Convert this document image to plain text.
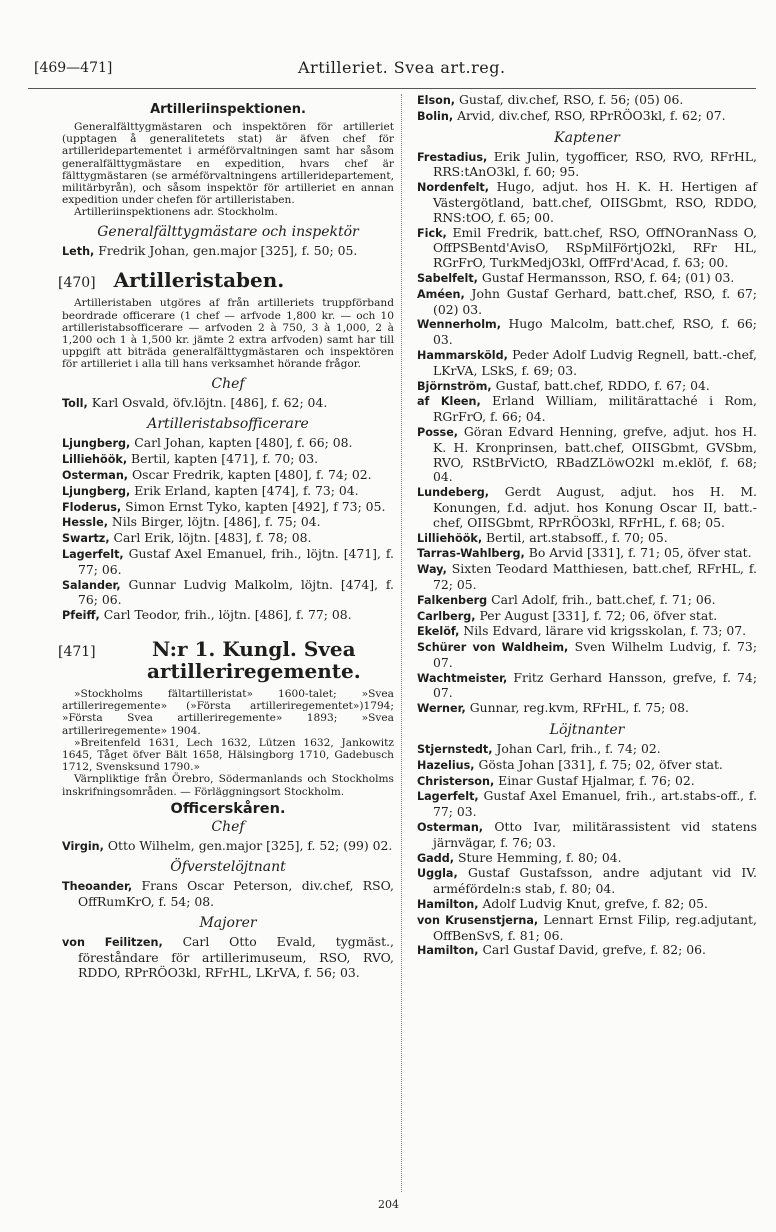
[469—471]	Artilleriet. Svea art.reg.
Artilleriinspektionen.
Generalfälttygmästaren och inspektören för artilleriet (upptagen å generalitetets stat) är äfven chef för artilleridepartementet i arméförvaltningen samt har såsom generalfälttygmästare en expedition, hvars chef är fälttygmästaren (se arméförvaltningens artilleridepartement, militärbyrån), och såsom inspektör för artilleriet en annan expedition under chefen för artilleristaben.
Artilleriinspektionens adr. Stockholm.
Generalfälttygmästare och inspektör
Leth, Fredrik Johan, gen.major [325], f. 50; 05.
[470] Artilleristaben.
Artilleristaben utgöres af från artilleriets truppförband beordrade officerare (1 chef — arfvode 1,800 kr. — och 10 artilleristabsofficerare — arfvoden 2 à 750, 3 à 1,000, 2 à 1,200 och 1 à 1,500 kr. jämte 2 extra arfvoden) samt har till uppgift att biträda generalfälttygmästaren och inspektören för artilleriet i alla till hans verksamhet hörande frågor.
Chef
Toll, Karl Osvald, öfv.löjtn. [486], f. 62; 04.
Artilleristabsofficerare
Ljungberg, Carl Johan, kapten [480], f. 66; 08.
Lilliehöök, Bertil, kapten [471], f. 70; 03.
Osterman, Oscar Fredrik, kapten [480], f. 74; 02.
Ljungberg, Erik Erland, kapten [474], f. 73; 04.
Floderus, Simon Ernst Tyko, kapten [492], f 73; 05.
Hessle, Nils Birger, löjtn. [486], f. 75; 04.
Swartz, Carl Erik, löjtn. [483], f. 78; 08.
Lagerfelt, Gustaf Axel Emanuel, frih., löjtn. [471], f. 77; 06.
Salander, Gunnar Ludvig Malkolm, löjtn. [474], f. 76; 06.
Pfeiff, Carl Teodor, frih., löjtn. [486], f. 77; 08.
[471]	N:r 1. Kungl. Svea artilleriregemente.
»Stockholms fältartilleristat» 1600-talet; »Svea artilleriregemente» (»Första artilleriregementet»)1794; »Första Svea artilleriregemente» 1893; »Svea artilleriregemente» 1904.
»Breitenfeld 1631, Lech 1632, Lützen 1632, Jankowitz 1645, Tåget öfver Bält 1658, Hälsingborg 1710, Gadebusch 1712, Svensksund 1790.»
Värnpliktige från Örebro, Södermanlands och Stockholms inskrifningsområden. — Förläggningsort Stockholm.
Officerskåren.
Chef
Virgin, Otto Wilhelm, gen.major [325], f. 52; (99) 02.
Öfverstelöjtnant
Theoander, Frans Oscar Peterson, div.chef, RSO, OffRumKrO, f. 54; 08.
Majorer
von Feilitzen, Carl Otto Evald, tygmäst., föreståndare för artillerimuseum, RSO, RVO, RDDO, RPrRÖO3kl, RFrHL, LKrVA, f. 56; 03.
Elson, Gustaf, div.chef, RSO, f. 56; (05) 06.
Bolin, Arvid, div.chef, RSO, RPrRÖO3kl, f. 62; 07.
Kaptener
Frestadius, Erik Julin, tygofficer, RSO, RVO, RFrHL, RRS:tAnO3kl, f. 60; 95.
Nordenfelt, Hugo, adjut. hos H. K. H. Hertigen af Västergötland, batt.chef, OIISGbmt, RSO, RDDO, RNS:tOO, f. 65; 00.
Fick, Emil Fredrik, batt.chef, RSO, OffNOranNass O, OffPSBentd'AvisO, RSpMilFörtjO2kl, RFr HL, RGrFrO, TurkMedjO3kl, OffFrd'Acad, f. 63; 00.
Sabelfelt, Gustaf Hermansson, RSO, f. 64; (01) 03.
Améen, John Gustaf Gerhard, batt.chef, RSO, f. 67; (02) 03.
Wennerholm, Hugo Malcolm, batt.chef, RSO, f. 66; 03.
Hammarsköld, Peder Adolf Ludvig Regnell, batt.-chef, LKrVA, LSkS, f. 69; 03.
Björnström, Gustaf, batt.chef, RDDO, f. 67; 04.
af Kleen, Erland William, militärattaché i Rom, RGrFrO, f. 66; 04.
Posse, Göran Edvard Henning, grefve, adjut. hos H. K. H. Kronprinsen, batt.chef, OIISGbmt, GVSbm, RVO, RStBrVictO, RBadZLöwO2kl m.eklöf, f. 68; 04.
Lundeberg, Gerdt August, adjut. hos H. M. Konungen, f.d. adjut. hos Konung Oscar II, batt.-chef, OIISGbmt, RPrRÖO3kl, RFrHL, f. 68; 05.
Lilliehöök, Bertil, art.stabsoff., f. 70; 05.
Tarras-Wahlberg, Bo Arvid [331], f. 71; 05, öfver stat.
Way, Sixten Teodard Matthiesen, batt.chef, RFrHL, f. 72; 05.
Falkenberg Carl Adolf, frih., batt.chef, f. 71; 06.
Carlberg, Per August [331], f. 72; 06, öfver stat.
Ekelöf, Nils Edvard, lärare vid krigsskolan, f. 73; 07.
Schürer von Waldheim, Sven Wilhelm Ludvig, f. 73; 07.
Wachtmeister, Fritz Gerhard Hansson, grefve, f. 74; 07.
Werner, Gunnar, reg.kvm, RFrHL, f. 75; 08.
Löjtnanter
Stjernstedt, Johan Carl, frih., f. 74; 02.
Hazelius, Gösta Johan [331], f. 75; 02, öfver stat.
Christerson, Einar Gustaf Hjalmar, f. 76; 02.
Lagerfelt, Gustaf Axel Emanuel, frih., art.stabs-off., f. 77; 03.
Osterman, Otto Ivar, militärassistent vid statens järnvägar, f. 76; 03.
Gadd, Sture Hemming, f. 80; 04.
Uggla, Gustaf Gustafsson, andre adjutant vid IV. arméfördeln:s stab, f. 80; 04.
Hamilton, Adolf Ludvig Knut, grefve, f. 82; 05.
von Krusenstjerna, Lennart Ernst Filip, reg.adjutant, OffBenSvS, f. 81; 06.
Hamilton, Carl Gustaf David, grefve, f. 82; 06.
204
